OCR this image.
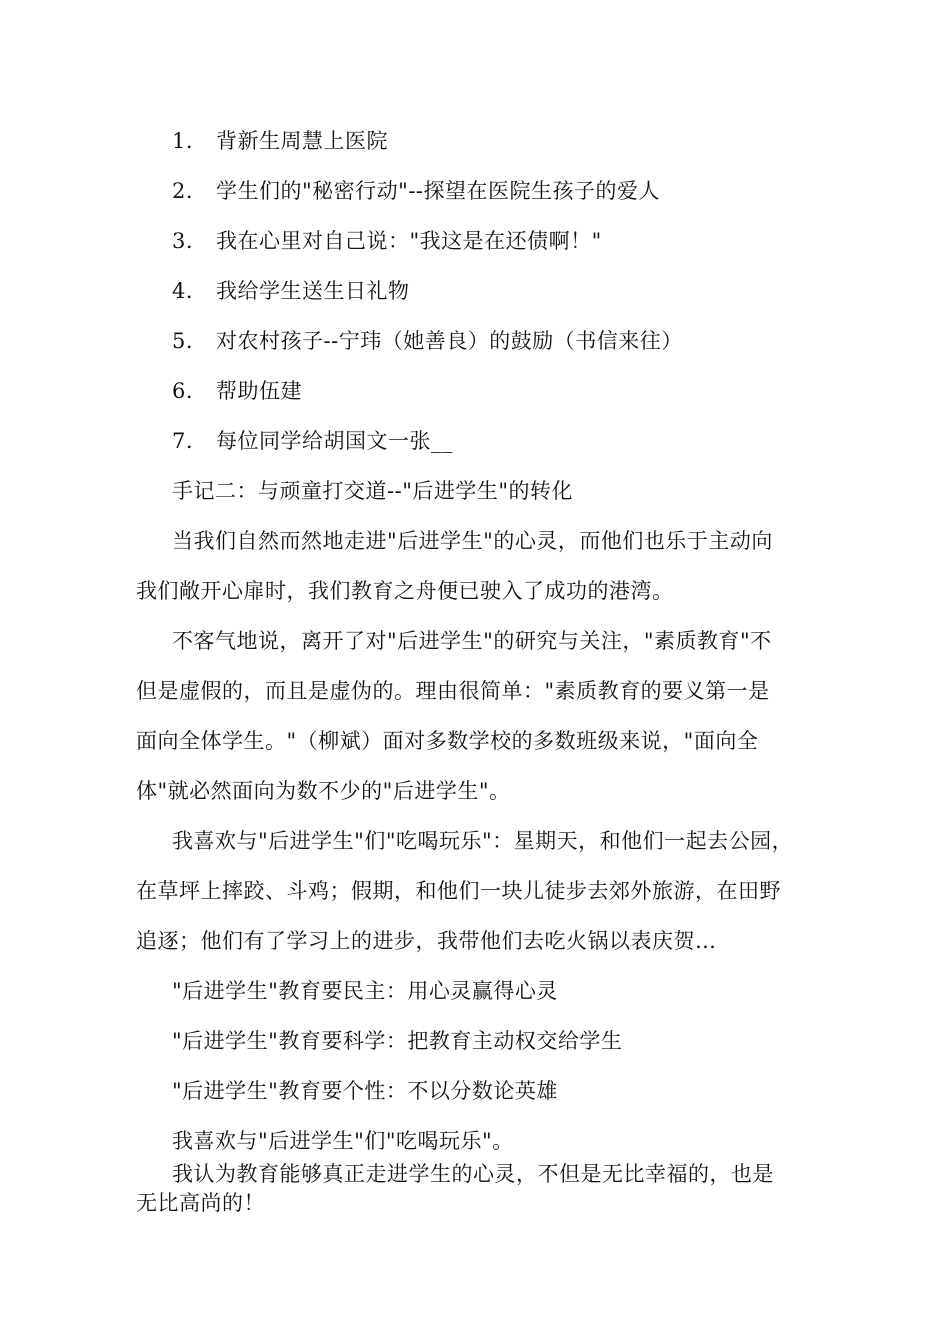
1. 背新生周慧上医院
2. 学生们的"秘密行动"--探望在医院生孩子的爱人
3. 我在心里对自己说："我这是在还债啊！"
4. 我给学生送生日礼物
5. 对农村孩子--宁玮（她善良）的鼓励（书信来往）
6. 帮助伍建
7. 每位同学给胡国文一张__
手记二：与顽童打交道--"后进学生"的转化
当我们自然而然地走进"后进学生"的心灵，而他们也乐于主动向
我们敞开心扉时，我们教育之舟便已驶入了成功的港湾。
不客气地说，离开了对"后进学生"的研究与关注，"素质教育"不
但是虚假的，而且是虚伪的。理由很简单："素质教育的要义第一是
面向全体学生。"（柳斌）面对多数学校的多数班级来说，"面向全
体"就必然面向为数不少的"后进学生"。
我喜欢与"后进学生"们"吃喝玩乐"：星期天，和他们一起去公园，
在草坪上摔跤、斗鸡；假期，和他们一块儿徒步去郊外旅游，在田野
追逐；他们有了学习上的进步，我带他们去吃火锅以表庆贺…
"后进学生"教育要民主：用心灵赢得心灵
"后进学生"教育要科学：把教育主动权交给学生
"后进学生"教育要个性：不以分数论英雄
我喜欢与"后进学生"们"吃喝玩乐"。
我认为教育能够真正走进学生的心灵，不但是无比幸福的，也是
无比高尚的！
